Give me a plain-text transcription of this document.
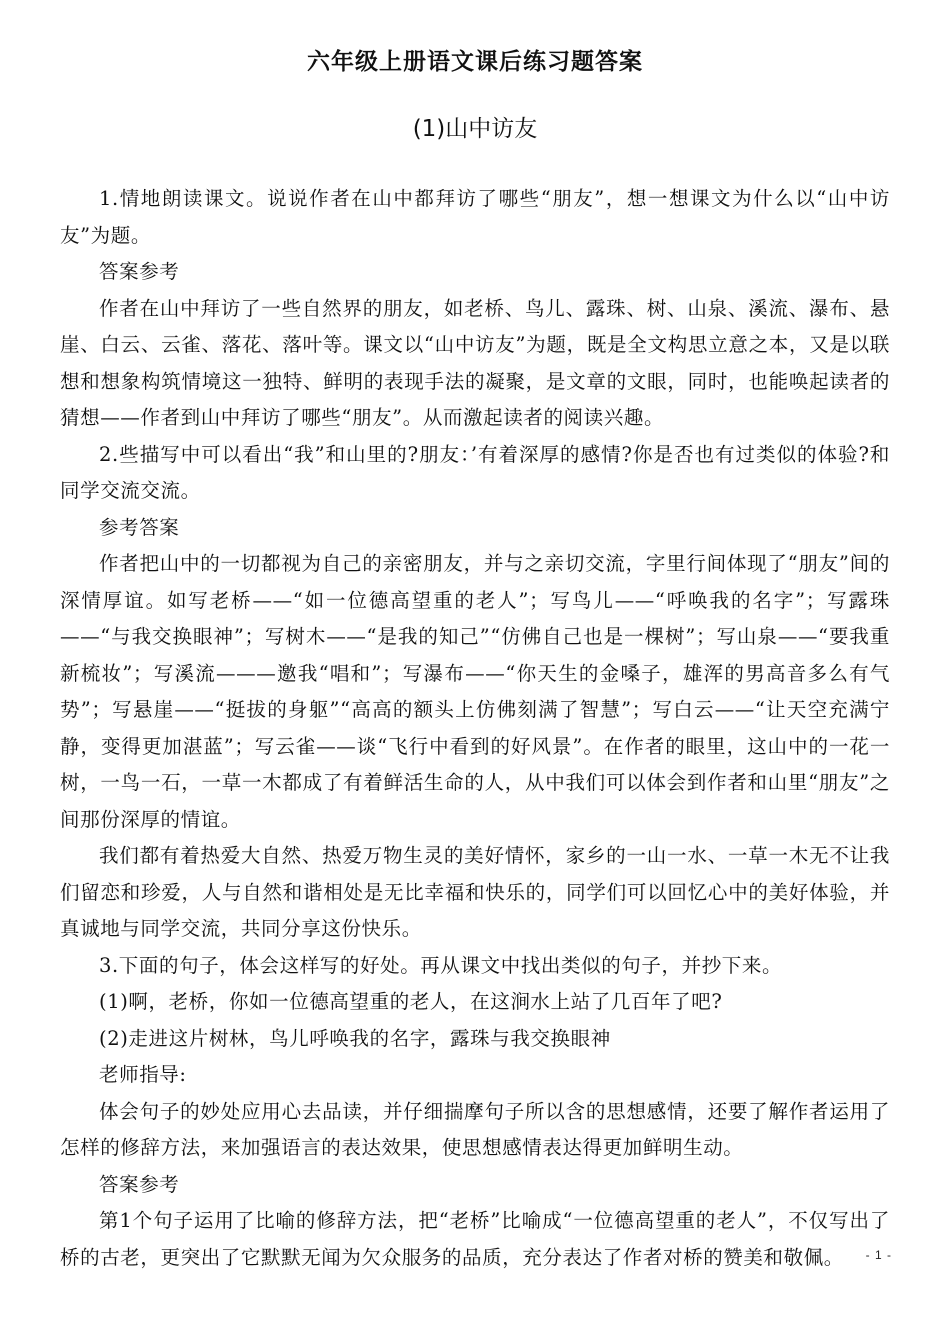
六年级上册语文课后练习题答案
(1)山中访友

1.情地朗读课文。说说作者在山中都拜访了哪些“朋友”，想一想课文为什么以“山中访友”为题。

答案参考

作者在山中拜访了一些自然界的朋友，如老桥、鸟儿、露珠、树、山泉、溪流、瀑布、悬崖、白云、云雀、落花、落叶等。课文以“山中访友”为题，既是全文构思立意之本，又是以联想和想象构筑情境这一独特、鲜明的表现手法的凝聚，是文章的文眼，同时，也能唤起读者的猜想——作者到山中拜访了哪些“朋友”。从而激起读者的阅读兴趣。

2.些描写中可以看出“我”和山里的?朋友：’有着深厚的感情?你是否也有过类似的体验?和同学交流交流。

参考答案

作者把山中的一切都视为自己的亲密朋友，并与之亲切交流，字里行间体现了“朋友”间的深情厚谊。如写老桥——“如一位德高望重的老人”；写鸟儿——“呼唤我的名字”；写露珠——“与我交换眼神”；写树木——“是我的知己”“仿佛自己也是一棵树”；写山泉——“要我重新梳妆”；写溪流———邀我“唱和”；写瀑布——“你天生的金嗓子，雄浑的男高音多么有气势”；写悬崖——“挺拔的身躯”“高高的额头上仿佛刻满了智慧”；写白云——“让天空充满宁静，变得更加湛蓝”；写云雀——谈“飞行中看到的好风景”。在作者的眼里，这山中的一花一树，一鸟一石，一草一木都成了有着鲜活生命的人，从中我们可以体会到作者和山里“朋友”之间那份深厚的情谊。

我们都有着热爱大自然、热爱万物生灵的美好情怀，家乡的一山一水、一草一木无不让我们留恋和珍爱，人与自然和谐相处是无比幸福和快乐的，同学们可以回忆心中的美好体验，并真诚地与同学交流，共同分享这份快乐。

3.下面的句子，体会这样写的好处。再从课文中找出类似的句子，并抄下来。

(1)啊，老桥，你如一位德高望重的老人，在这涧水上站了几百年了吧?

(2)走进这片树林，鸟儿呼唤我的名字，露珠与我交换眼神

老师指导:

体会句子的妙处应用心去品读，并仔细揣摩句子所以含的思想感情，还要了解作者运用了怎样的修辞方法，来加强语言的表达效果，使思想感情表达得更加鲜明生动。

答案参考

第1个句子运用了比喻的修辞方法，把“老桥”比喻成“一位德高望重的老人”，不仅写出了桥的古老，更突出了它默默无闻为欠众服务的品质，充分表达了作者对桥的赞美和敬佩。	- 1 -
